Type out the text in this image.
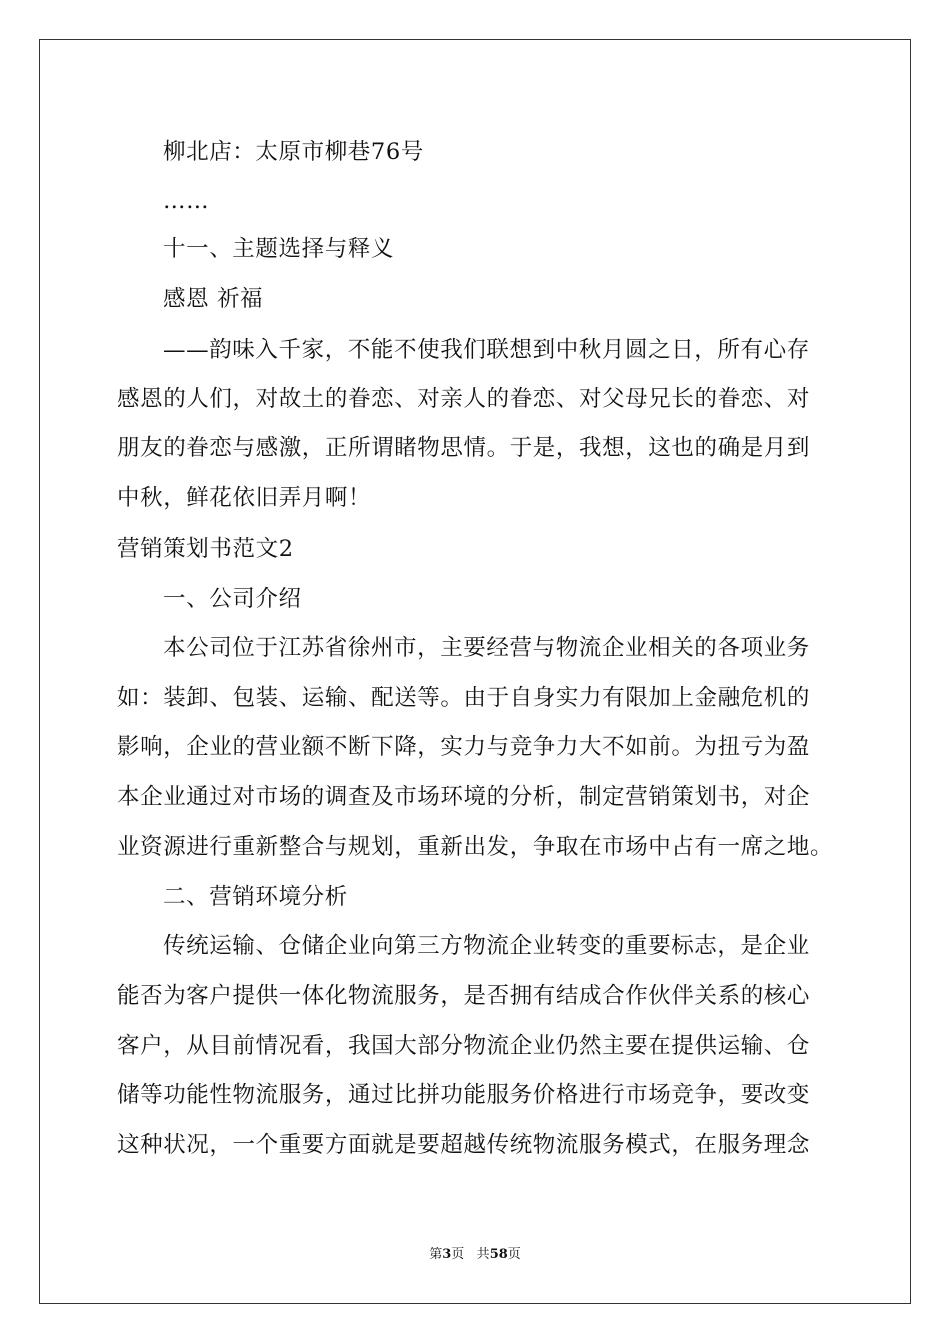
柳北店：太原市柳巷76号
……
十一、主题选择与释义
感恩 祈福
——韵味入千家，不能不使我们联想到中秋月圆之日，所有心存
感恩的人们，对故土的眷恋、对亲人的眷恋、对父母兄长的眷恋、对
朋友的眷恋与感激，正所谓睹物思情。于是，我想，这也的确是月到
中秋，鲜花依旧弄月啊！
营销策划书范文2
一、公司介绍
本公司位于江苏省徐州市，主要经营与物流企业相关的各项业务
如：装卸、包装、运输、配送等。由于自身实力有限加上金融危机的
影响，企业的营业额不断下降，实力与竞争力大不如前。为扭亏为盈
本企业通过对市场的调查及市场环境的分析，制定营销策划书，对企
业资源进行重新整合与规划，重新出发，争取在市场中占有一席之地。
二、营销环境分析
传统运输、仓储企业向第三方物流企业转变的重要标志，是企业
能否为客户提供一体化物流服务，是否拥有结成合作伙伴关系的核心
客户，从目前情况看，我国大部分物流企业仍然主要在提供运输、仓
储等功能性物流服务，通过比拼功能服务价格进行市场竞争，要改变
这种状况，一个重要方面就是要超越传统物流服务模式，在服务理念
第3页 共58页
